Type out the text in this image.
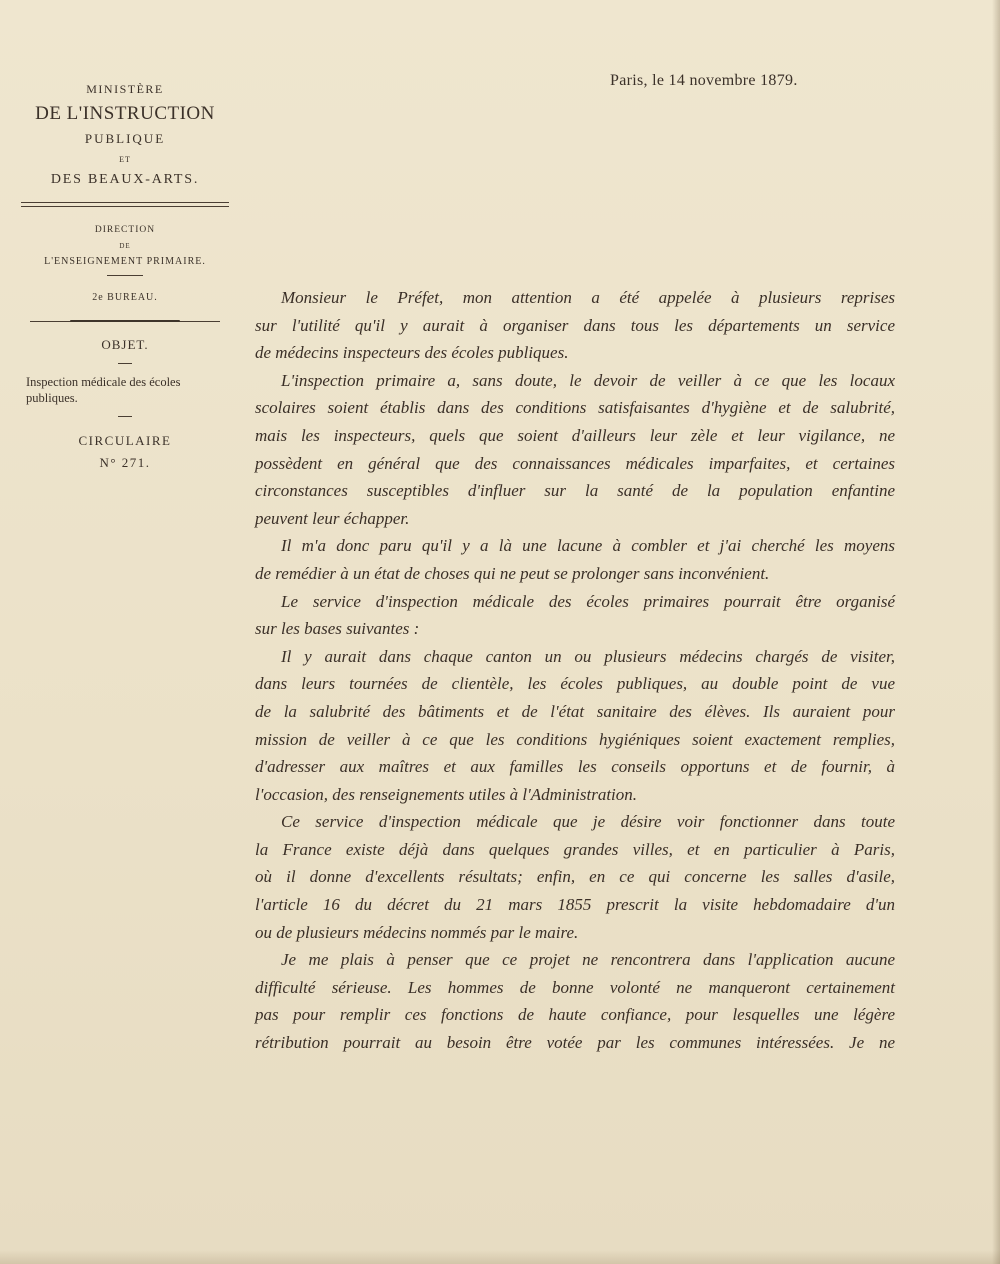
MINISTÈRE
DE L'INSTRUCTION
PUBLIQUE
ET
DES BEAUX-ARTS.
DIRECTION
DE
L'ENSEIGNEMENT PRIMAIRE.
2e BUREAU.
OBJET.
Inspection médicale des écoles
publiques.
CIRCULAIRE
N° 271.
Paris, le 14 novembre 1879.
Monsieur le Préfet, mon attention a été appelée à plusieurs reprises
sur l'utilité qu'il y aurait à organiser dans tous les départements un service
de médecins inspecteurs des écoles publiques.
L'inspection primaire a, sans doute, le devoir de veiller à ce que les locaux
scolaires soient établis dans des conditions satisfaisantes d'hygiène et de salubrité,
mais les inspecteurs, quels que soient d'ailleurs leur zèle et leur vigilance, ne
possèdent en général que des connaissances médicales imparfaites, et certaines
circonstances susceptibles d'influer sur la santé de la population enfantine
peuvent leur échapper.
Il m'a donc paru qu'il y a là une lacune à combler et j'ai cherché les moyens
de remédier à un état de choses qui ne peut se prolonger sans inconvénient.
Le service d'inspection médicale des écoles primaires pourrait être organisé
sur les bases suivantes :
Il y aurait dans chaque canton un ou plusieurs médecins chargés de visiter,
dans leurs tournées de clientèle, les écoles publiques, au double point de vue
de la salubrité des bâtiments et de l'état sanitaire des élèves. Ils auraient pour
mission de veiller à ce que les conditions hygiéniques soient exactement remplies,
d'adresser aux maîtres et aux familles les conseils opportuns et de fournir, à
l'occasion, des renseignements utiles à l'Administration.
Ce service d'inspection médicale que je désire voir fonctionner dans toute
la France existe déjà dans quelques grandes villes, et en particulier à Paris,
où il donne d'excellents résultats; enfin, en ce qui concerne les salles d'asile,
l'article 16 du décret du 21 mars 1855 prescrit la visite hebdomadaire d'un
ou de plusieurs médecins nommés par le maire.
Je me plais à penser que ce projet ne rencontrera dans l'application aucune
difficulté sérieuse. Les hommes de bonne volonté ne manqueront certainement
pas pour remplir ces fonctions de haute confiance, pour lesquelles une légère
rétribution pourrait au besoin être votée par les communes intéressées. Je ne
